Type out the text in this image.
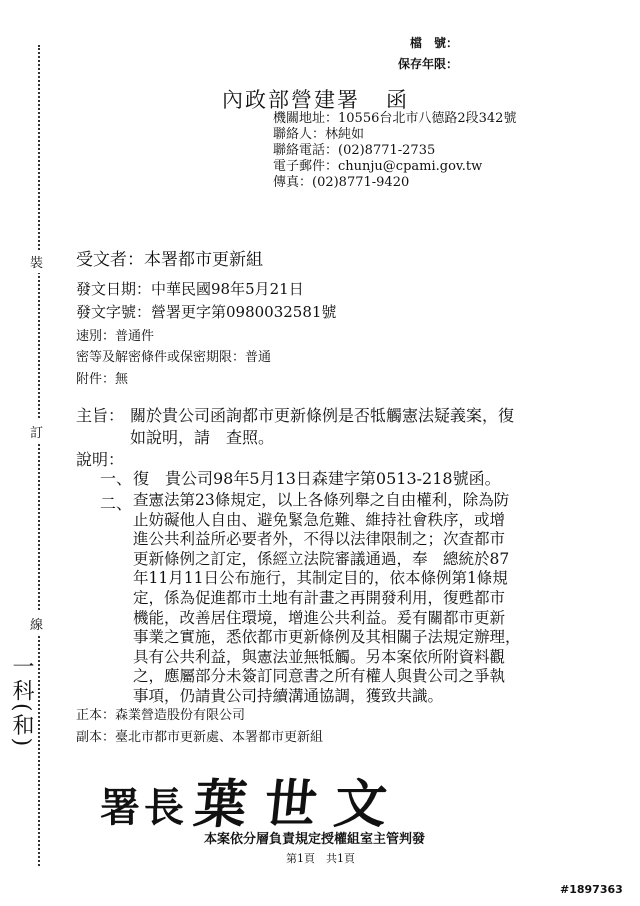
裝
訂
線
一科(和)
檔　號：
保存年限：
內政部營建署 函
機關地址：10556台北市八德路2段342號
聯絡人：林純如
聯絡電話：(02)8771-2735
電子郵件：chunju@cpami.gov.tw
傳真：(02)8771-9420
受文者：本署都市更新組
發文日期：中華民國98年5月21日
發文字號：營署更字第0980032581號
速別：普通件
密等及解密條件或保密期限：普通
附件：無
主旨： 關於貴公司函詢都市更新條例是否牴觸憲法疑義案，復
如說明，請　查照。
說明：
一、 復　貴公司98年5月13日森建字第0513-218號函。
二、 查憲法第23條規定，以上各條列舉之自由權利，除為防
止妨礙他人自由、避免緊急危難、維持社會秩序，或增
進公共利益所必要者外，不得以法律限制之；次查都市
更新條例之訂定，係經立法院審議通過，奉　總統於87
年11月11日公布施行，其制定目的，依本條例第1條規
定，係為促進都市土地有計畫之再開發利用，復甦都市
機能，改善居住環境，增進公共利益。爰有關都市更新
事業之實施，悉依都市更新條例及其相關子法規定辦理，
具有公共利益，與憲法並無牴觸。另本案依所附資料觀
之，應屬部分未簽訂同意書之所有權人與貴公司之爭執
事項，仍請貴公司持續溝通協調，獲致共識。
正本：森業營造股份有限公司
副本：臺北市都市更新處、本署都市更新組
署長 葉世文
本案依分層負責規定授權組室主管判發
第1頁　共1頁
#1897363
